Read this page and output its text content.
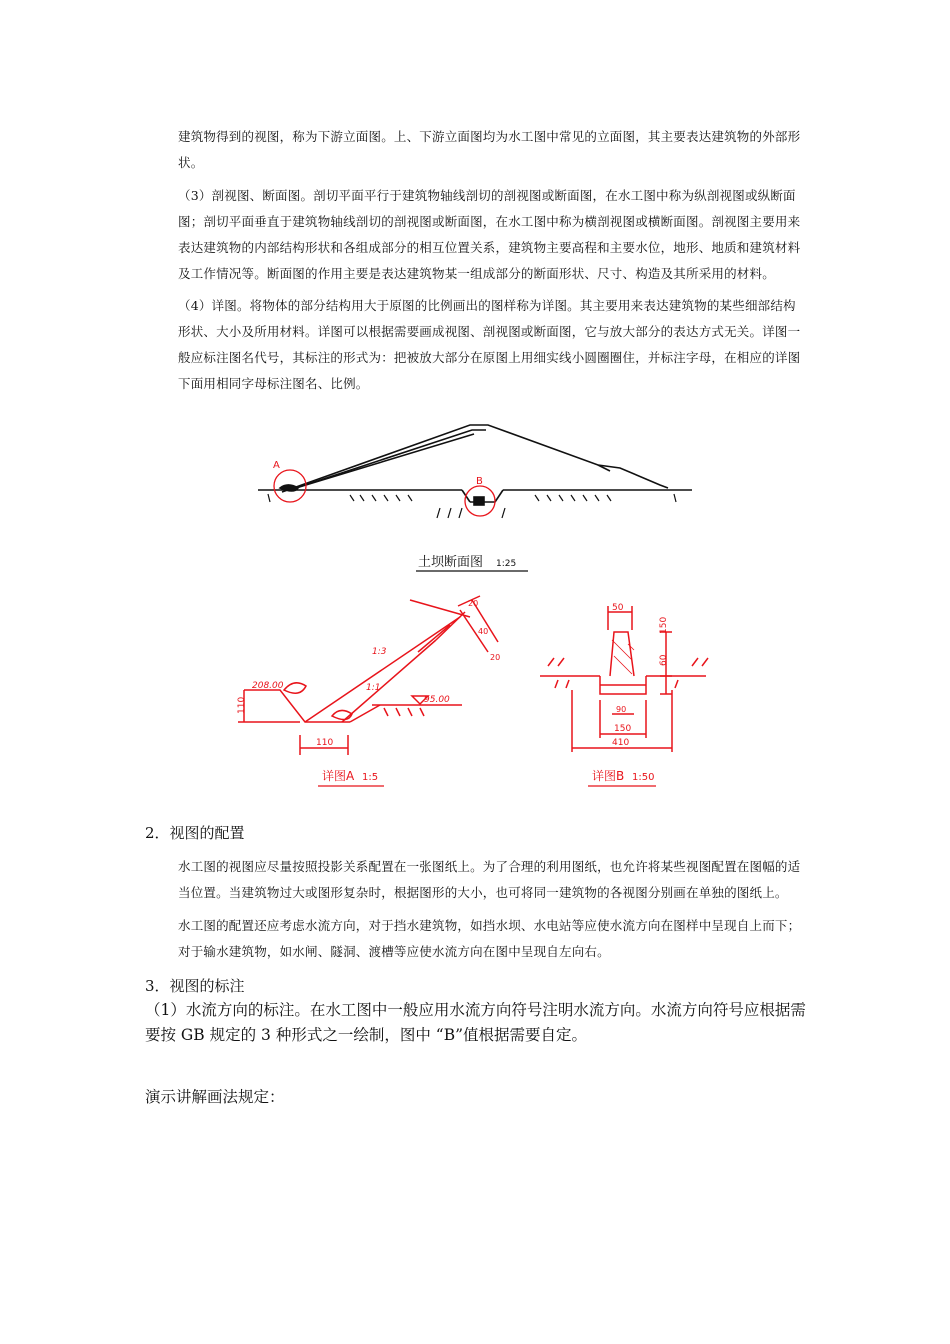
建筑物得到的视图，称为下游立面图。上、下游立面图均为水工图中常见的立面图，其主要表达建筑物的外部形状。
（3）剖视图、断面图。剖切平面平行于建筑物轴线剖切的剖视图或断面图，在水工图中称为纵剖视图或纵断面图；剖切平面垂直于建筑物轴线剖切的剖视图或断面图，在水工图中称为横剖视图或横断面图。剖视图主要用来表达建筑物的内部结构形状和各组成部分的相互位置关系，建筑物主要高程和主要水位，地形、地质和建筑材料及工作情况等。断面图的作用主要是表达建筑物某一组成部分的断面形状、尺寸、构造及其所采用的材料。
（4）详图。将物体的部分结构用大于原图的比例画出的图样称为详图。其主要用来表达建筑物的某些细部结构形状、大小及所用材料。详图可以根据需要画成视图、剖视图或断面图，它与放大部分的表达方式无关。详图一般应标注图名代号，其标注的形式为：把被放大部分在原图上用细实线小圆圈圈住，并标注字母，在相应的详图下面用相同字母标注图名、比例。
A
B
土坝断面图 1:25
208.00
95.00
1:3
1:1
110
110
20
40
20
详图A 1:5
50
150
60
90
150
410
详图B 1:50
2．视图的配置
水工图的视图应尽量按照投影关系配置在一张图纸上。为了合理的利用图纸，也允许将某些视图配置在图幅的适当位置。当建筑物过大或图形复杂时，根据图形的大小，也可将同一建筑物的各视图分别画在单独的图纸上。
水工图的配置还应考虑水流方向，对于挡水建筑物，如挡水坝、水电站等应使水流方向在图样中呈现自上而下；对于输水建筑物，如水闸、隧洞、渡槽等应使水流方向在图中呈现自左向右。
3．视图的标注
（1）水流方向的标注。在水工图中一般应用水流方向符号注明水流方向。水流方向符号应根据需要按 GB 规定的 3 种形式之一绘制，图中 “B”值根据需要自定。
演示讲解画法规定：
